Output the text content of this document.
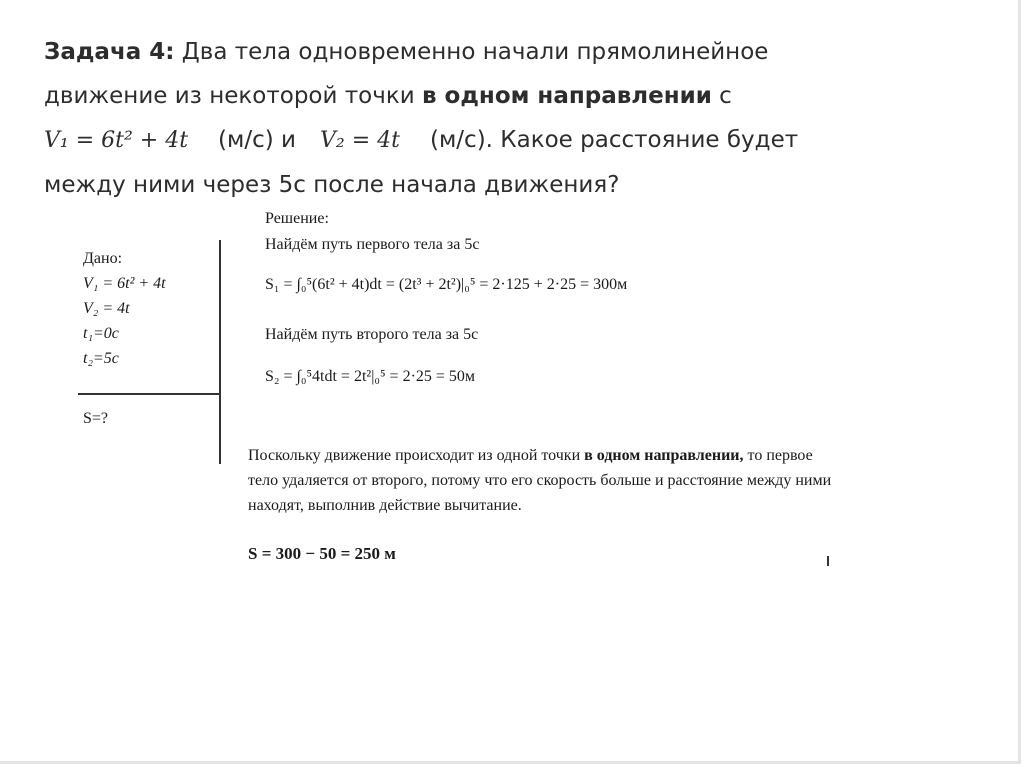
Задача 4: Два тела одновременно начали прямолинейное
движение из некоторой точки в одном направлении с
V₁ = 6t² + 4t (м/с) и V₂ = 4t (м/с). Какое расстояние будет
между ними через 5с после начала движения?
Дано:
V₁ = 6t² + 4t
V₂ = 4t
t₁=0с
t₂=5с
S=?
Решение:
Найдём путь первого тела за 5с
S₁ = ∫₀⁵(6t² + 4t)dt = (2t³ + 2t²)|₀⁵ = 2·125 + 2·25 = 300м
Найдём путь второго тела за 5с
S₂ = ∫₀⁵4tdt = 2t²|₀⁵ = 2·25 = 50м
Поскольку движение происходит из одной точки в одном направлении, то первое тело удаляется от второго, потому что его скорость больше и расстояние между ними находят, выполнив действие вычитание.
S = 300 − 50 = 250 м
